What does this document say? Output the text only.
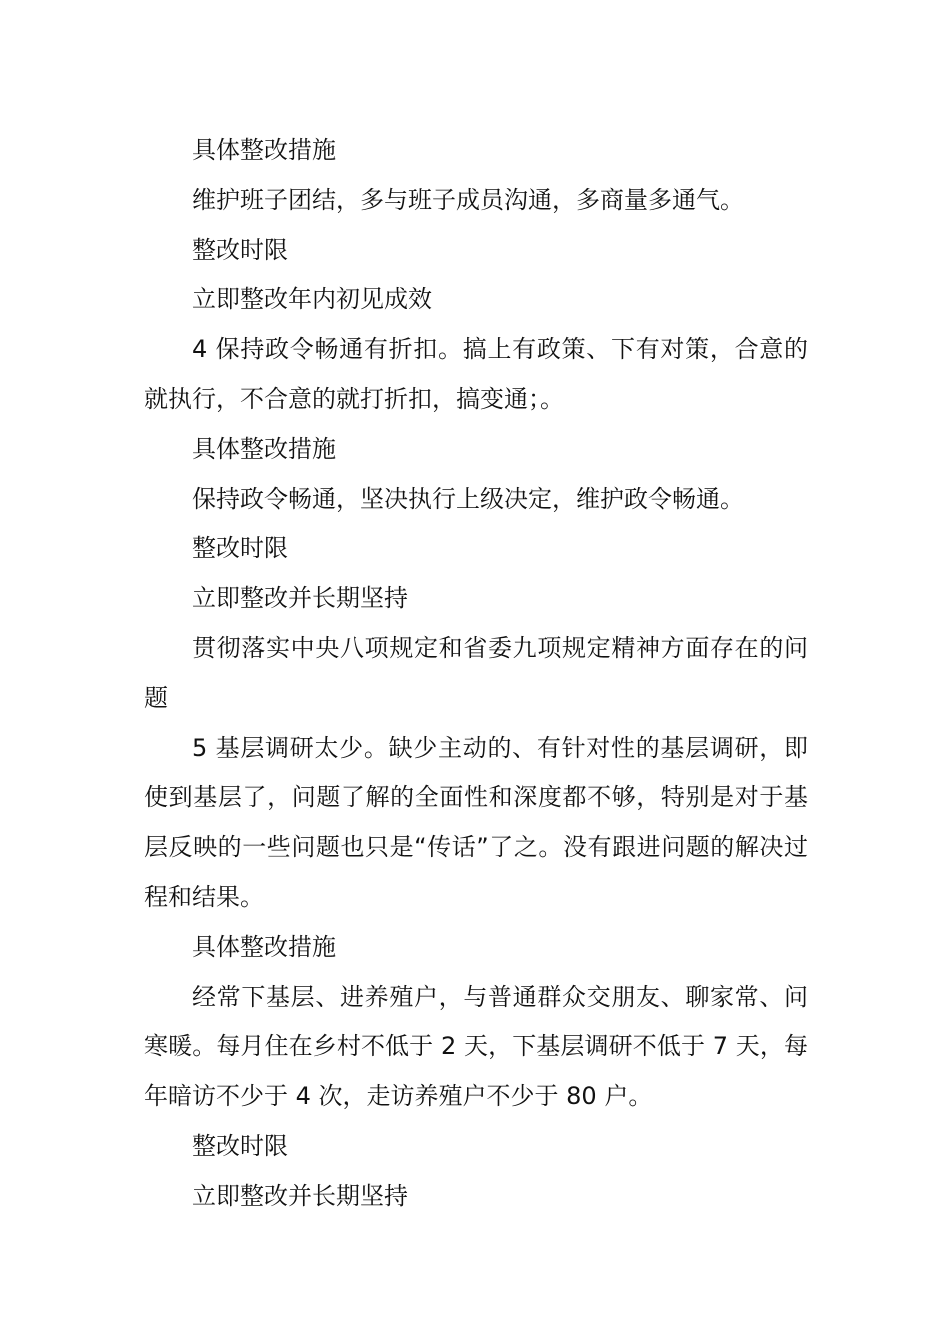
具体整改措施

维护班子团结，多与班子成员沟通，多商量多通气。

整改时限

立即整改年内初见成效

4 保持政令畅通有折扣。搞上有政策、下有对策，合意的就执行，不合意的就打折扣，搞变通；。

具体整改措施

保持政令畅通，坚决执行上级决定，维护政令畅通。

整改时限

立即整改并长期坚持

贯彻落实中央八项规定和省委九项规定精神方面存在的问题

5 基层调研太少。缺少主动的、有针对性的基层调研，即使到基层了，问题了解的全面性和深度都不够，特别是对于基层反映的一些问题也只是“传话”了之。没有跟进问题的解决过程和结果。

具体整改措施

经常下基层、进养殖户，与普通群众交朋友、聊家常、问寒暖。每月住在乡村不低于 2 天，下基层调研不低于 7 天，每年暗访不少于 4 次，走访养殖户不少于 80 户。

整改时限

立即整改并长期坚持
